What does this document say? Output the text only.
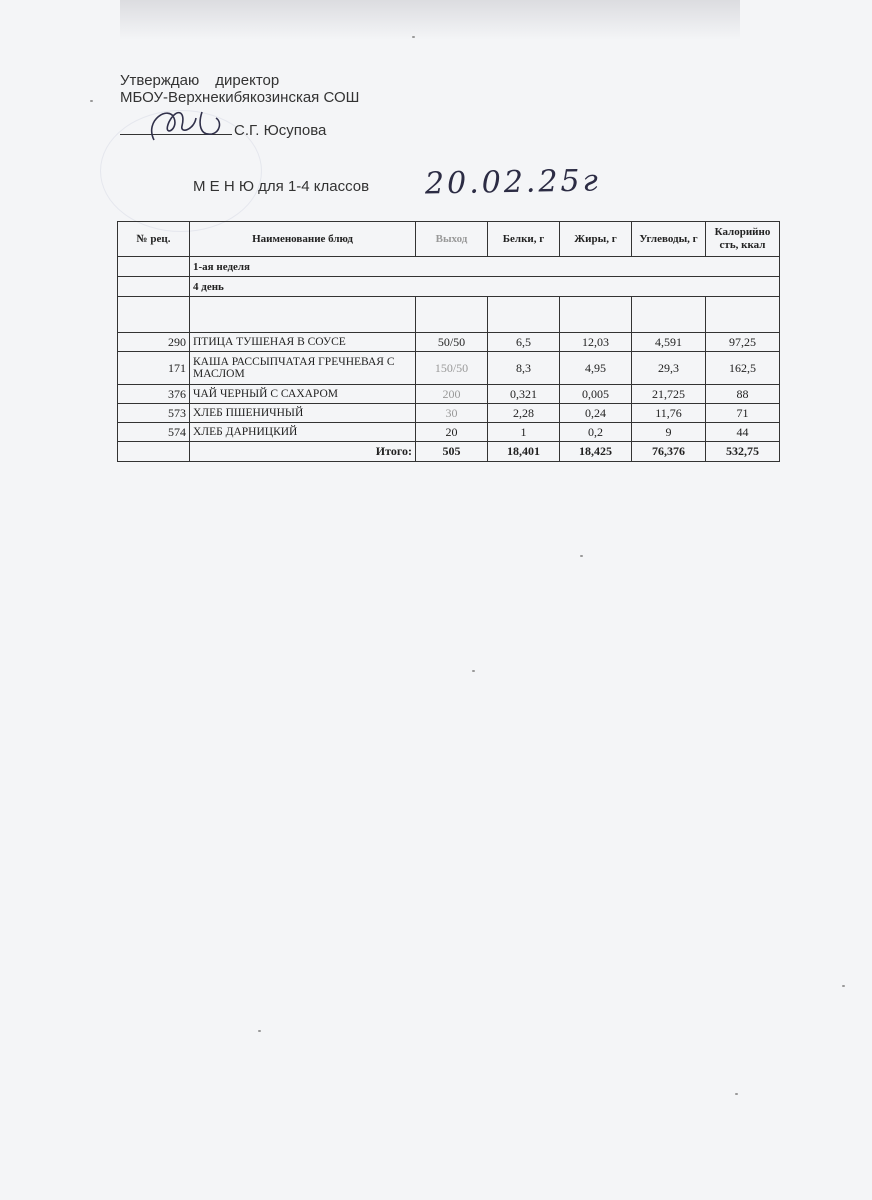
Утверждаю директор
МБОУ-Верхнекибякозинская СОШ
С.Г. Юсупова
М Е Н Ю для 1-4 классов 20.02.25г
№ рец.	Наименование блюд	Выход	Белки, г	Жиры, г	Углеводы, г	Калорийно сть, ккал
	1-ая неделя					
	4 день					

290	ПТИЦА ТУШЕНАЯ В СОУСЕ	50/50	6,5	12,03	4,591	97,25
171	КАША РАССЫПЧАТАЯ ГРЕЧНЕВАЯ С МАСЛОМ	150/50	8,3	4,95	29,3	162,5
376	ЧАЙ ЧЕРНЫЙ С САХАРОМ	200	0,321	0,005	21,725	88
573	ХЛЕБ ПШЕНИЧНЫЙ	30	2,28	0,24	11,76	71
574	ХЛЕБ ДАРНИЦКИЙ	20	1	0,2	9	44
	Итого:	505	18,401	18,425	76,376	532,75
